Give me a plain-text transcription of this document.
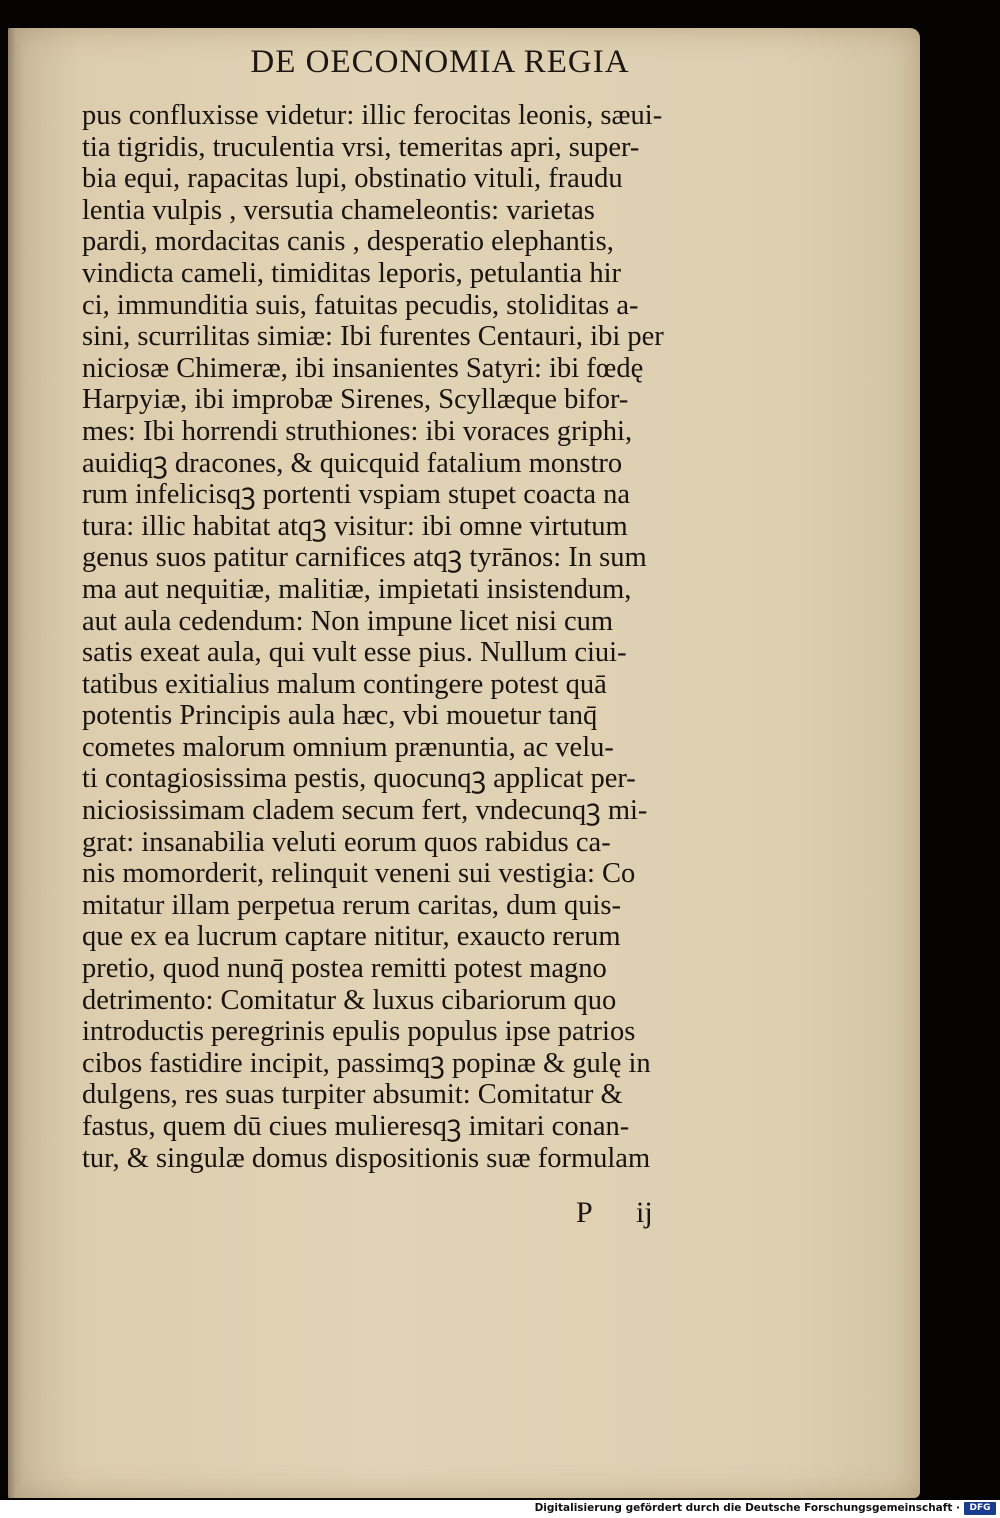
DE OECONOMIA REGIA
pus confluxisse videtur: illic ferocitas leonis, sæui-
tia tigridis, truculentia vrsi, temeritas apri, super-
bia equi, rapacitas lupi, obstinatio vituli, fraudu
lentia vulpis , versutia chameleontis: varietas
pardi, mordacitas canis , desperatio elephantis,
vindicta cameli, timiditas leporis, petulantia hir
ci, immunditia suis, fatuitas pecudis, stoliditas a-
sini, scurrilitas simiæ: Ibi furentes Centauri, ibi per
niciosæ Chimeræ, ibi insanientes Satyri: ibi fœdę
Harpyiæ, ibi improbæ Sirenes, Scyllæque bifor-
mes: Ibi horrendi struthiones: ibi voraces griphi,
auidiqꝫ dracones, & quicquid fatalium monstro
rum infelicisqꝫ portenti vspiam stupet coacta na
tura: illic habitat atqꝫ visitur: ibi omne virtutum
genus suos patitur carnifices atqꝫ tyrānos: In sum
ma aut nequitiæ, malitiæ, impietati insistendum,
aut aula cedendum: Non impune licet nisi cum
satis exeat aula, qui vult esse pius. Nullum ciui-
tatibus exitialius malum contingere potest quā
potentis Principis aula hæc, vbi mouetur tanq̄
cometes malorum omnium prænuntia, ac velu-
ti contagiosissima pestis, quocunqꝫ applicat per-
niciosissimam cladem secum fert, vndecunqꝫ mi-
grat: insanabilia veluti eorum quos rabidus ca-
nis momorderit, relinquit veneni sui vestigia: Co
mitatur illam perpetua rerum caritas, dum quis-
que ex ea lucrum captare nititur, exaucto rerum
pretio, quod nunq̄ postea remitti potest magno
detrimento: Comitatur & luxus cibariorum quo
introductis peregrinis epulis populus ipse patrios
cibos fastidire incipit, passimqꝫ popinæ & gulę in
dulgens, res suas turpiter absumit: Comitatur &
fastus, quem dū ciues mulieresqꝫ imitari conan-
tur, & singulæ domus dispositionis suæ formulam
P ij
Digitalisierung gefördert durch die Deutsche Forschungsgemeinschaft ·	DFG
